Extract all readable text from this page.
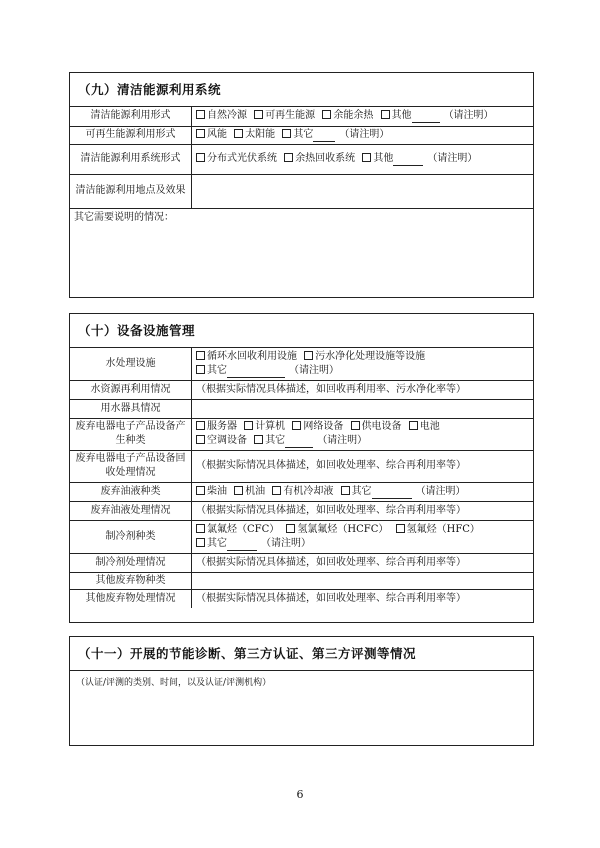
（九）清洁能源利用系统
清洁能源利用形式	自然冷源 可再生能源 余能余热 其他 （请注明）
可再生能源利用形式	风能 太阳能 其它 （请注明）
清洁能源利用系统形式	分布式光伏系统 余热回收系统 其他 （请注明）
清洁能源利用地点及效果	
其它需要说明的情况：	
（十）设备设施管理
水处理设施	循环水回收利用设施 污水净化处理设施等设施
其它 （请注明）
水资源再利用情况	（根据实际情况具体描述，如回收再利用率、污水净化率等）
用水器具情况	
废弃电器电子产品设备产生种类	服务器 计算机 网络设备 供电设备 电池
空调设备 其它 （请注明）
废弃电器电子产品设备回收处理情况	（根据实际情况具体描述，如回收处理率、综合再利用率等）
废弃油液种类	柴油 机油 有机冷却液 其它 （请注明）
废弃油液处理情况	（根据实际情况具体描述，如回收处理率、综合再利用率等）
制冷剂种类	氯氟烃（CFC） 氢氯氟烃（HCFC） 氢氟烃（HFC）
其它 （请注明）
制冷剂处理情况	（根据实际情况具体描述，如回收处理率、综合再利用率等）
其他废弃物种类	
其他废弃物处理情况	（根据实际情况具体描述，如回收处理率、综合再利用率等）
（十一）开展的节能诊断、第三方认证、第三方评测等情况
（认证/评测的类别、时间，以及认证/评测机构）
6
